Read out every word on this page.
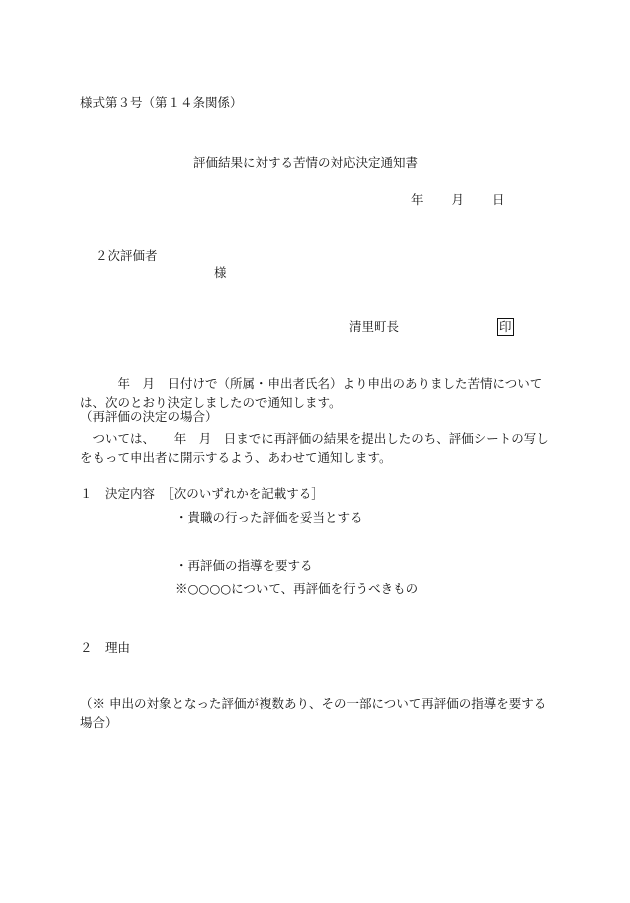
様式第３号（第１４条関係）
評価結果に対する苦情の対応決定通知書
年 月 日
２次評価者
様
清里町長	印
　　　年　月　日付けで（所属・申出者氏名）より申出のありました苦情については、次のとおり決定しましたので通知します。
（再評価の決定の場合）
　ついては、　　年　月　日までに再評価の結果を提出したのち、評価シートの写しをもって申出者に開示するよう、あわせて通知します。
１　決定内容　［次のいずれかを記載する］
・貴職の行った評価を妥当とする
・再評価の指導を要する
※○○○○について、再評価を行うべきもの
２　理由
（※ 申出の対象となった評価が複数あり、その一部について再評価の指導を要する場合）
